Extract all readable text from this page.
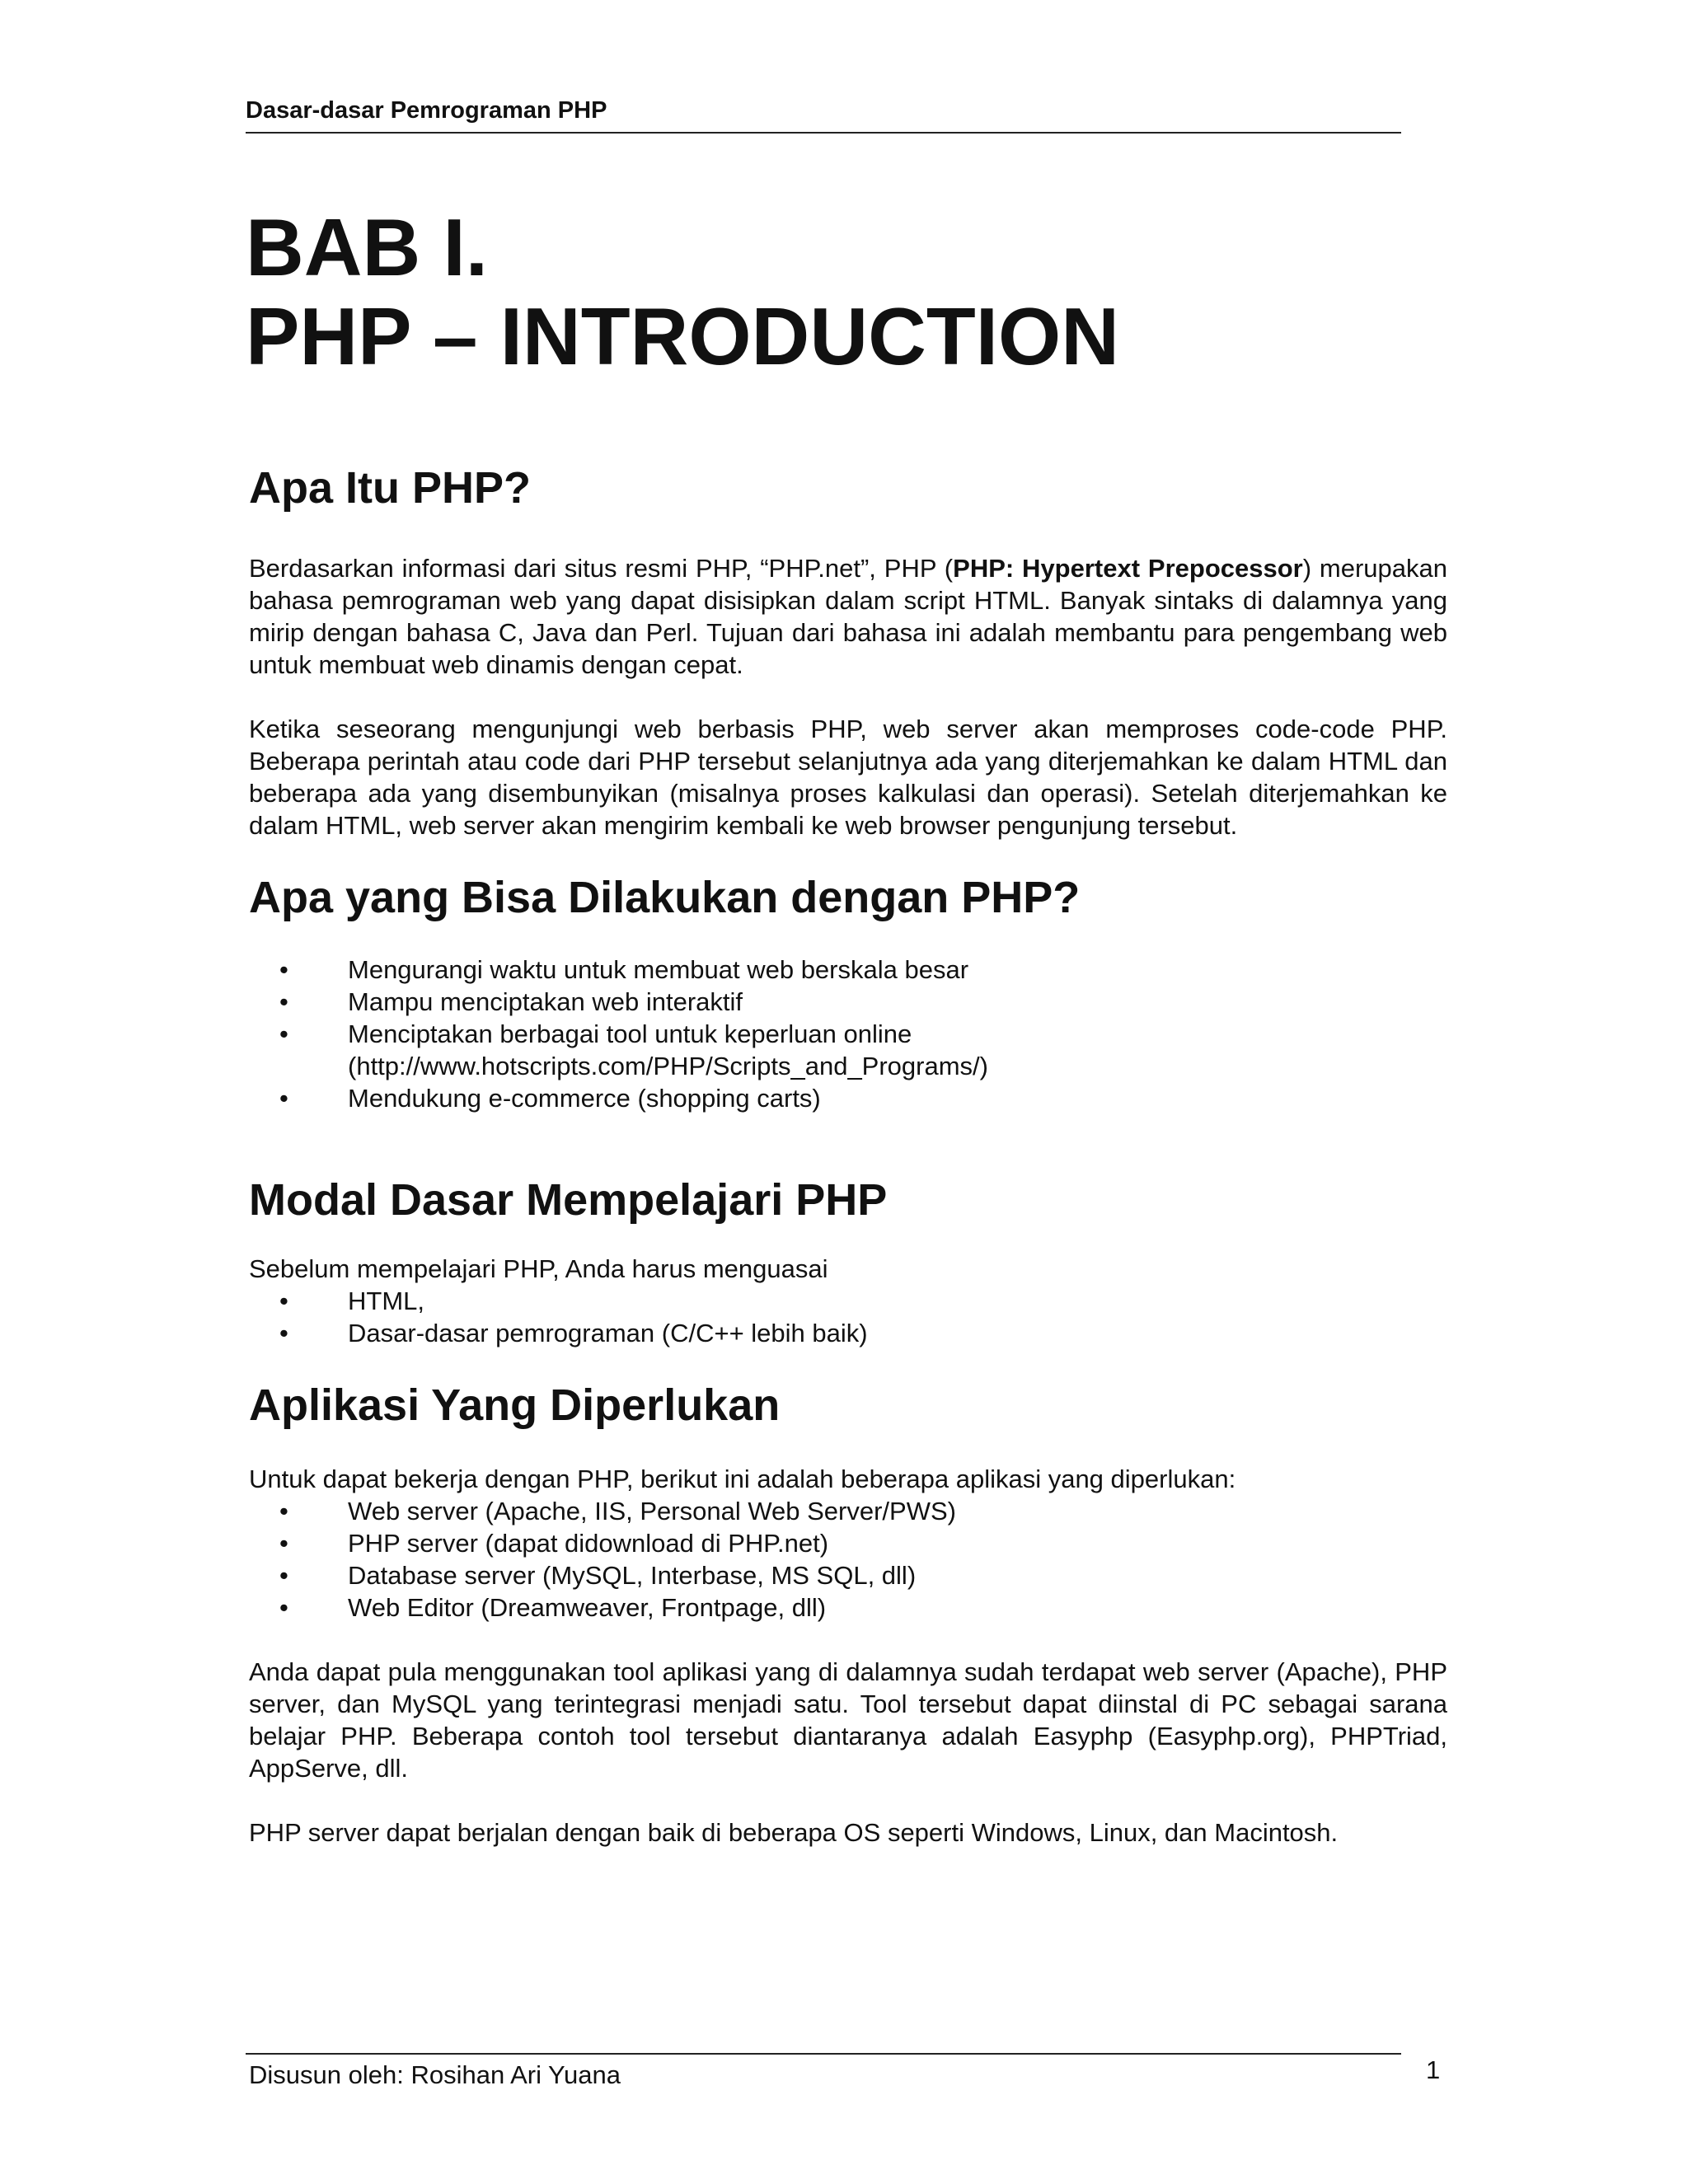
Dasar-dasar Pemrograman PHP
BAB I.
PHP – INTRODUCTION
Apa Itu PHP?

Berdasarkan informasi dari situs resmi PHP, “PHP.net”, PHP (PHP: Hypertext Prepocessor) merupakan bahasa pemrograman web yang dapat disisipkan dalam script HTML. Banyak sintaks di dalamnya yang mirip dengan bahasa C, Java dan Perl. Tujuan dari bahasa ini adalah membantu para pengembang web untuk membuat web dinamis dengan cepat.

Ketika seseorang mengunjungi web berbasis PHP, web server akan memproses code-code PHP. Beberapa perintah atau code dari PHP tersebut selanjutnya ada yang diterjemahkan ke dalam HTML dan beberapa ada yang disembunyikan (misalnya proses kalkulasi dan operasi). Setelah diterjemahkan ke dalam HTML, web server akan mengirim kembali ke web browser pengunjung tersebut.

Apa yang Bisa Dilakukan dengan PHP?
• Mengurangi waktu untuk membuat web berskala besar
• Mampu menciptakan web interaktif
• Menciptakan berbagai tool untuk keperluan online
(http://www.hotscripts.com/PHP/Scripts_and_Programs/)
• Mendukung e-commerce (shopping carts)
Modal Dasar Mempelajari PHP

Sebelum mempelajari PHP, Anda harus menguasai

• HTML,
• Dasar-dasar pemrograman (C/C++ lebih baik)
Aplikasi Yang Diperlukan

Untuk dapat bekerja dengan PHP, berikut ini adalah beberapa aplikasi yang diperlukan:

• Web server (Apache, IIS, Personal Web Server/PWS)
• PHP server (dapat didownload di PHP.net)
• Database server (MySQL, Interbase, MS SQL, dll)
• Web Editor (Dreamweaver, Frontpage, dll)

Anda dapat pula menggunakan tool aplikasi yang di dalamnya sudah terdapat web server (Apache), PHP server, dan MySQL yang terintegrasi menjadi satu. Tool tersebut dapat diinstal di PC sebagai sarana belajar PHP. Beberapa contoh tool tersebut diantaranya adalah Easyphp (Easyphp.org), PHPTriad, AppServe, dll.

PHP server dapat berjalan dengan baik di beberapa OS seperti Windows, Linux, dan Macintosh.

Disusun oleh: Rosihan Ari Yuana	1
